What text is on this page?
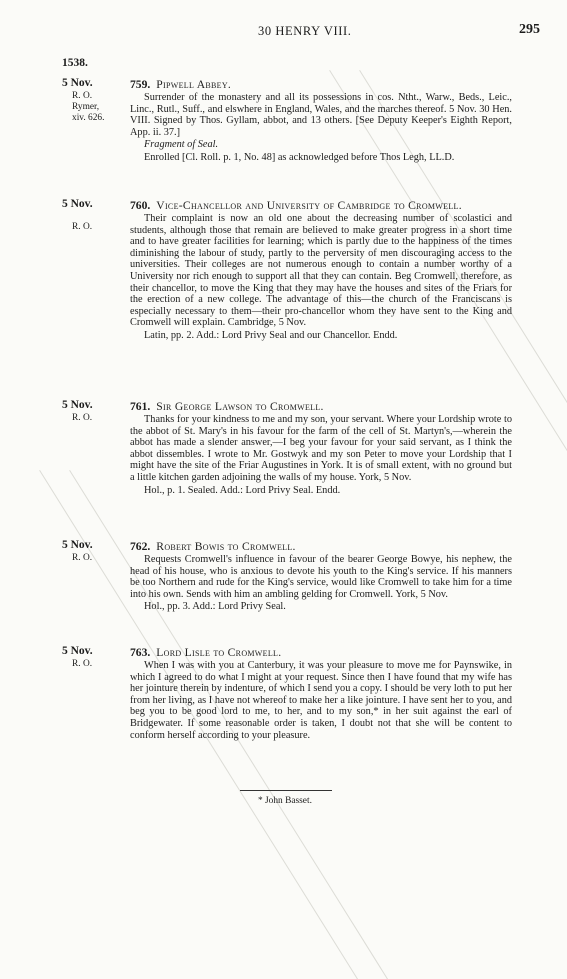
30 HENRY VIII.	295
1538.
5 Nov.
R. O.
Rymer,
xiv. 626.
759. Pipwell Abbey.

Surrender of the monastery and all its possessions in cos. Ntht., Warw., Beds., Leic., Linc., Rutl., Suff., and elswhere in England, Wales, and the marches thereof. 5 Nov. 30 Hen. VIII. Signed by Thos. Gyllam, abbot, and 13 others. [See Deputy Keeper's Eighth Report, App. ii. 37.]

Fragment of Seal.
Enrolled [Cl. Roll. p. 1, No. 48] as acknowledged before Thos Legh, LL.D.
5 Nov.
R. O.
760. Vice-Chancellor and University of Cambridge to Cromwell.

Their complaint is now an old one about the decreasing number of scolastici and students, although those that remain are believed to make greater progress in a short time and to have greater facilities for learning; which is partly due to the happiness of the times diminishing the labour of study, partly to the perversity of men discouraging access to the universities. Their colleges are not numerous enough to contain a number worthy of a University nor rich enough to support all that they can contain. Beg Cromwell, therefore, as their chancellor, to move the King that they may have the houses and sites of the Friars for the erection of a new college. The advantage of this—the church of the Franciscans is especially necessary to them—their pro-chancellor whom they have sent to the King and Cromwell will explain. Cambridge, 5 Nov.

Latin, pp. 2. Add.: Lord Privy Seal and our Chancellor. Endd.
5 Nov.
R. O.
761. Sir George Lawson to Cromwell.

Thanks for your kindness to me and my son, your servant. Where your Lordship wrote to the abbot of St. Mary's in his favour for the farm of the cell of St. Martyn's,—wherein the abbot has made a slender answer,—I beg your favour for your said servant, as I think the abbot dissembles. I wrote to Mr. Gostwyk and my son Peter to move your Lordship that I might have the site of the Friar Augustines in York. It is of small extent, with no ground but a little kitchen garden adjoining the walls of my house. York, 5 Nov.

Hol., p. 1. Sealed. Add.: Lord Privy Seal. Endd.
5 Nov.
R. O.
762. Robert Bowis to Cromwell.

Requests Cromwell's influence in favour of the bearer George Bowye, his nephew, the head of his house, who is anxious to devote his youth to the King's service. If his manners be too Northern and rude for the King's service, would like Cromwell to take him for a time into his own. Sends with him an ambling gelding for Cromwell. York, 5 Nov.

Hol., pp. 3. Add.: Lord Privy Seal.
5 Nov.
R. O.
763. Lord Lisle to Cromwell.

When I was with you at Canterbury, it was your pleasure to move me for Paynswike, in which I agreed to do what I might at your request. Since then I have found that my wife has her jointure therein by indenture, of which I send you a copy. I should be very loth to put her from her living, as I have not whereof to make her a like jointure. I have sent her to you, and beg you to be good lord to me, to her, and to my son,* in her suit against the earl of Bridgewater. If some reasonable order is taken, I doubt not that she will be content to conform herself according to your pleasure.

* John Basset.
